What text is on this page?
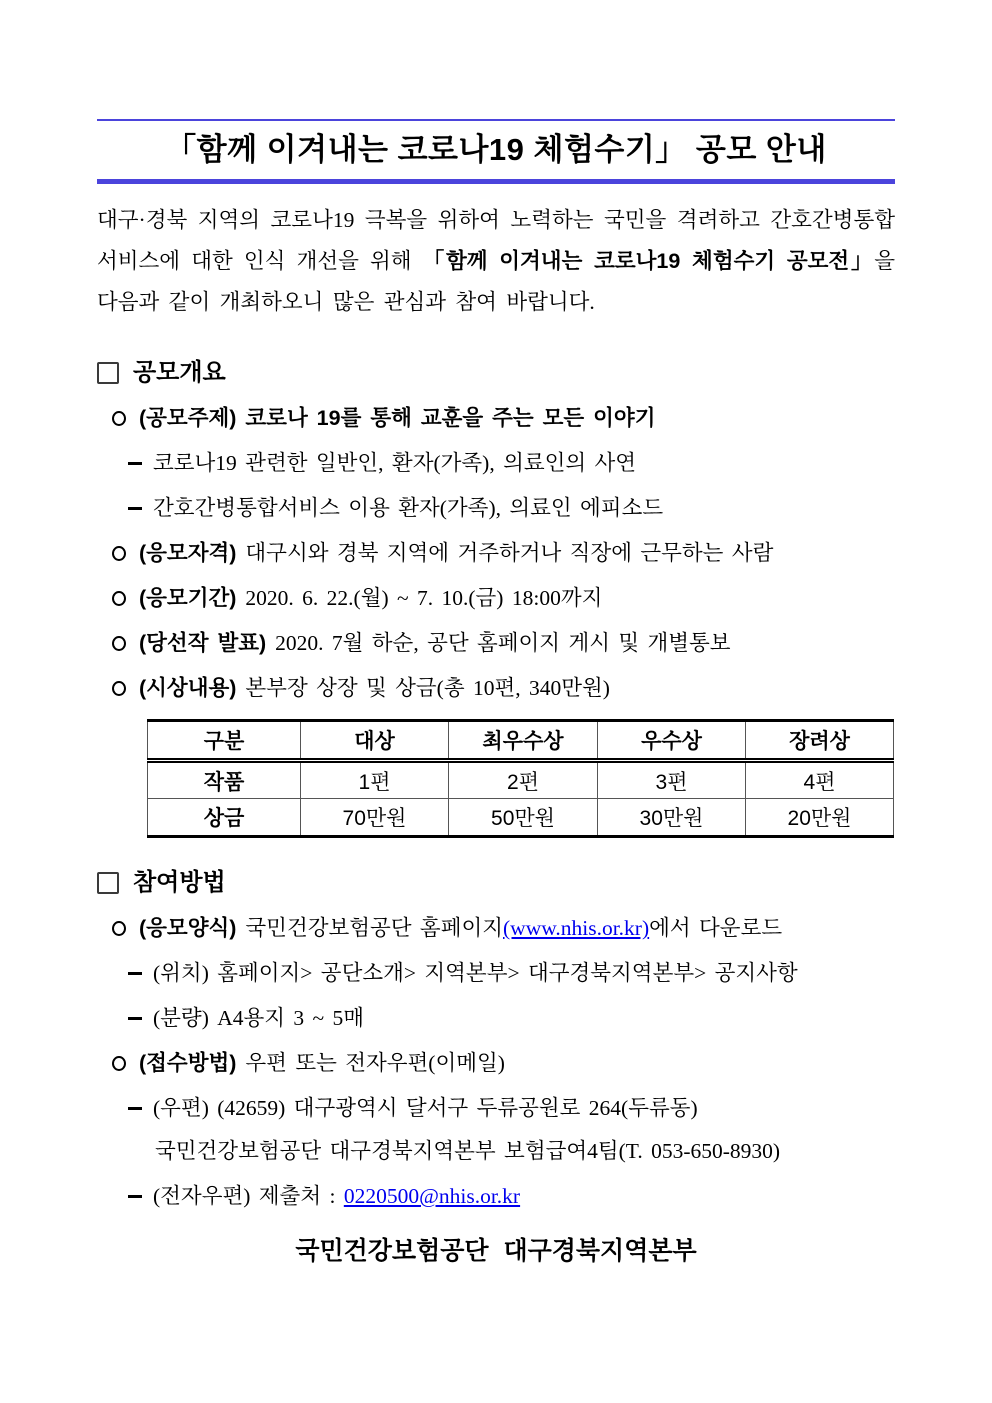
「함께 이겨내는 코로나19 체험수기」 공모 안내

대구·경북 지역의 코로나19 극복을 위하여 노력하는 국민을 격려하고 간호간병통합서비스에 대한 인식 개선을 위해 「함께 이겨내는 코로나19 체험수기 공모전」을 다음과 같이 개최하오니 많은 관심과 참여 바랍니다.

공모개요
(공모주제) 코로나 19를 통해 교훈을 주는 모든 이야기
코로나19 관련한 일반인, 환자(가족), 의료인의 사연
간호간병통합서비스 이용 환자(가족), 의료인 에피소드
(응모자격) 대구시와 경북 지역에 거주하거나 직장에 근무하는 사람
(응모기간) 2020. 6. 22.(월) ~ 7. 10.(금) 18:00까지
(당선작 발표) 2020. 7월 하순, 공단 홈페이지 게시 및 개별통보
(시상내용) 본부장 상장 및 상금(총 10편, 340만원)
구분	대상	최우수상	우수상	장려상
작품	1편	2편	3편	4편
상금	70만원	50만원	30만원	20만원
참여방법
(응모양식) 국민건강보험공단 홈페이지(www.nhis.or.kr)에서 다운로드
(위치) 홈페이지> 공단소개> 지역본부> 대구경북지역본부> 공지사항
(분량) A4용지 3 ~ 5매
(접수방법) 우편 또는 전자우편(이메일)
(우편) (42659) 대구광역시 달서구 두류공원로 264(두류동)
국민건강보험공단 대구경북지역본부 보험급여4팀(T. 053-650-8930)
(전자우편) 제출처 : 0220500@nhis.or.kr
국민건강보험공단 대구경북지역본부
